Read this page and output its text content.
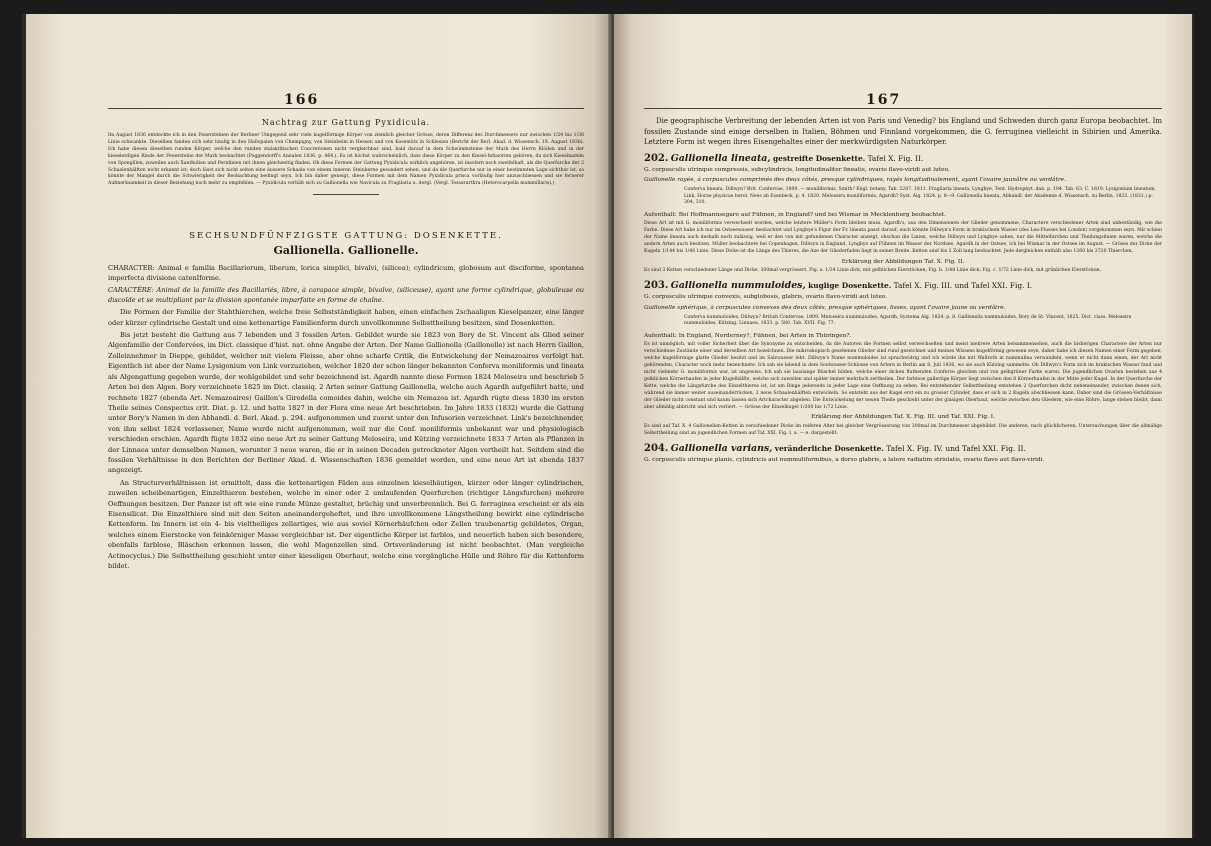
166

Nachtrag zur Gattung Pyxidicula.

Im August 1836 entdeckte ich in den Feuersteinen der Berliner Umgegend sehr viele kugelförmige Körper von ziemlich gleicher Grösse, deren Differenz des Durchmessers nur zwischen 1/24 bis 1/36 Linie schwankte. Dieselben fanden sich sehr häufig in den Hallopalen von Champigny, von Steinheim in Hessen und von Kosemütz in Schlesien (Bericht der Berl. Akad. d. Wissensch. 18. August 1836). Ich habe diesen dieselben runden Körper, welche den runden stalaktitischen Concretionen nicht vergleichbar sind, bald darauf in dem Schwimmsteine der Mark des Herrn Klöden und in der kieselerdigen Rinde der Feuersteine der Mark beobachtet (Poggendorff's Annalen 1836. p. 464.). Es ist höchst wahrscheinlich, dass diese Körper zu den Kiesel-Infusorien gehören, da sich Kieselnadeln von Spongillen, zuweilen auch Xanthidien und Peridinien mit ihnen gleichzeitig finden. Ob diese Formen der Gattung Pyxidicula wirklich angehören, ist insofern noch zweifelhaft, als die Querfurche der 2 Schaalenhälften nicht erkannt ist; doch lässt sich nicht selten eine äussere Schaale von einem inneren Steinkerne gesondert sehen, und da die Querfurche nur in einer bestimmten Lage sichtbar ist, so könnte der Mangel durch die Schwierigkeit der Beobachtung bedingt seyn. Ich bin daher geneigt, diese Formen mit dem Namen Pyxidicula prisca vorläufig hier anzuschliessen und sie fernerer Aufmerksamkeit in dieser Beziehung noch mehr zu empfehlen. — Pyxidicula verhält sich zu Gallionella wie Navicula zu Fragilaria u. dergl. (Vergl. Tessararthra (Heterocarpella mammillaris).)

SECHSUNDFÜNFZIGSTE GATTUNG: DOSENKETTE.

Gallionella. Gallionelle.

CHARACTER: Animal e familia Bacillariorum, liberum, lorica simplici, bivalvi, (silicea); cylindricum, globosum aut disciforme, spontanea imperfecta divisione catenIforme.

CARACTÈRE: Animal de la famille des Bacillariés, libre, à carapace simple, bivalve, (siliceuse), ayant une forme cylindrique, globuleuse ou discoïde et se multipliant par la division spontanée imparfaite en forme de chaîne.

Die Formen der Familie der Stabthierchen, welche freie Selbstständigkeit haben, einen einfachen 2schaaligen Kieselpanzer, eine länger oder kürzer cylindrische Gestalt und eine kettenartige Familienform durch unvollkommne Selbsttheilung besitzen, sind Dosenketten.

Bis jetzt besteht die Gattung aus 7 lebenden und 3 fossilen Arten. Gebildet wurde sie 1823 von Bory de St. Vincent als Glied seiner Algenfamilie der Confervées, im Dict. classique d'hist. nat. ohne Angabe der Arten. Der Name Gallionella (Gaillonelle) ist nach Herrn Gaillon, Zolleinnehmer in Dieppe, gebildet, welcher mit vielem Fleisse, aber ohne scharfe Critik, die Entwickelung der Nemazoaires verfolgt hat. Eigentlich ist aber der Name Lysigonium von Link vorzuziehen, welcher 1820 der schon länger bekannten Conferva moniliformis und lineata als Algengattung gegeben wurde, der wohlgebildet und sehr bezeichnend ist. Agardh nannte diese Formen 1824 Meloseira und beschrieb 5 Arten bei den Algen. Bory verzeichnete 1825 im Dict. classiq. 2 Arten seiner Gattung Gaillonella, welche auch Agardh aufgeführt hatte, und rechnete 1827 (ebenda Art. Nemazoaires) Gaillon's Girodella comoides dahin, welche ein Nemazoa ist. Agardh rügte diess 1830 im ersten Theile seines Conspectus crit. Diat. p. 12. und hatte 1827 in der Flora eine neue Art beschrieben. Im Jahre 1833 (1832) wurde die Gattung unter Bory's Namen in den Abhandl. d. Berl. Akad. p. 294. aufgenommen und zuerst unter den Infusorien verzeichnet. Link's bezeichnender, von ihm selbst 1824 verlassener, Name wurde nicht aufgenommen, weil nur die Conf. moniliformis unbekannt war und physiologisch verschieden erschien. Agardh fügte 1832 eine neue Art zu seiner Gattung Meloseira, und Kützing verzeichnete 1833 7 Arten als Pflanzen in der Linnaea unter demselben Namen, worunter 3 neue waren, die er in seinen Decaden getrockneter Algen vertheilt hat. Seitdem sind die fossilen Verhältnisse in den Berichten der Berliner Akad. d. Wissenschaften 1836 gemeldet worden, und eine neue Art ist ebenda 1837 angezeigt.

An Structurverhältnissen ist ermittelt, dass die kettenartigen Fäden aus einzelnen kieselhäutigen, kürzer oder länger cylindrischen, zuweilen scheibenartigen, Einzelthieren bestehen, welche in einer oder 2 umlaufenden Querfurchen (richtiger Längsfurchen) mehrere Oeffnungen besitzen. Der Panzer ist oft wie eine runde Münze gestaltet, brüchig und unverbrennlich. Bei G. ferruginea erscheint er als ein Eisensilicat. Die Einzelthiere sind mit den Seiten aneinandergeheftet, und ihre unvollkommene Längstheilung bewirkt eine cylindrische Kettenform. Im Innern ist ein 4- bis vieltheiliges zellartiges, wie aus soviel Körnerhäufchen oder Zellen traubenartig gebildetes, Organ, welches einem Eierstocke von feinkörniger Masse vergleichbar ist. Der eigentliche Körper ist farblos, und neuerlich haben sich besondere, ebenfalls farblose, Bläschen erkennen lassen, die wohl Magenzellen sind. Ortsveränderung ist nicht beobachtet. (Man vergleiche Actinocyclus.) Die Selbsttheilung geschieht unter einer kieseligen Oberhaut, welche eine vergängliche Hülle und Röhre für die Kettenform bildet.

167

Die geographische Verbreitung der lebenden Arten ist von Paris und Venedig? bis England und Schweden durch ganz Europa beobachtet. Im fossilen Zustande sind einige derselben in Italien, Böhmen und Finnland vorgekommen, die G. ferruginea vielleicht in Sibirien und Amerika. Letztere Form ist wegen ihres Eisengehaltes einer der merkwürdigsten Naturkörper.

202. Gallionella lineata, gestreifte Dosenkette. Tafel X. Fig. II.

G. corpusculis utrinque compressis, subcylindricis, longitudinaliter lineatis, ovario flavo-viridi aut luteo.

Gaillonelle rayée, à corpuscules comprimés des deux côtés, presque cylindriques, rayés longitudinalement, ayant l'ovaire jaunâtre ou verdâtre.

Conferva lineata, Dillwyn? Brit. Confervae, 1809. — moniliformis, Smith? Engl. botany. Tab. 2287. 1811. Fragilaria lineata, Lyngbye, Tent. Hydrophyt. dan. p. 184. Tab. 63. C. 1819. Lysigonium lineatum, Link, Horae physicae berol. Nees ab Esenbeck, p. 4. 1820. Meloseira moniliformis, Agardh? Syst. Alg. 1824. p. 8—9. Gallionella lineata, Abhandl. der Akademie d. Wissensch. zu Berlin, 1833. (1831.) p. 304, 310.

Aufenthalt: Bei Hoffmannsegaro auf Fühnen, in England? und bei Wismar in Mecklenburg beobachtet.

Diese Art ist mit G. moniliformis verwechselt worden, welche letztere Müller's Form bleiben muss. Agardh's, aus den Dimensionen der Glieder genommene, Charactere verschiedener Arten sind unbeständig, wie die Farbe. Diese Art habe ich nur im Ostseewasser beobachtet und Lyngbye's Figur der Fr. lineata passt darauf; auch könnte Dillwyn's Form in brakischem Wasser (des Lea-Flusses bei London) vorgekommen seyn. Mir schien der Name lineata auch deshalb noch zulässig, weil er den von mir gefundenen Character anzeigt, obschon die Linien, welche Dillwyn und Lyngbye sahen, nur die Mittelfurchen und Theilungslinien waren, welche die andern Arten auch besitzen. Müller beobachtete bei Copenhagen, Dillwyn in England, Lyngbye auf Fühnen im Wasser der Nordsee, Agardh in der Ostsee, ich bei Wismar in der Ostsee im August. — Grösse der Dicke der Kugeln 1/144 bis 1/48 Linie. Diese Dicke ist die Länge des Thieres, die Axe der Gliederfaden liegt in seiner Breite. Ketten sind bis 3 Zoll lang beobachtet. Jede dergleichen enthält also 1260 bis 3720 Thierchen.

Erklärung der Abbildungen Taf. X. Fig. II.

Es sind 3 Ketten verschiedener Länge und Dicke, 300mal vergrössert. Fig. a. 1/24 Linie dick, mit gelblichen Eierstöcken; Fig. b. 1/48 Linie dick; Fig. c. 1/72 Linie dick, mit grünlichen Eierstöcken.

203. Gallionella nummuloides, kuglige Dosenkette. Tafel X. Fig. III. und Tafel XXI. Fig. I.

G. corpusculis utrinque convexis, subglobosis, glabris, ovario flavo-viridi aut luteo.

Gaillonelle sphérique, à corpuscules convexes des deux côtés, presque sphériques, lisses, ayant l'ovaire jaune ou verdâtre.

Conferva nummuloides, Dillwyn? British Confervae, 1809. Meloseira nummuloides, Agardh, Systema Alg. 1824. p. 8. Gaillonella nummuloides, Bory de St. Vincent, 1825. Dict. class. Meloseira nummuloides, Kützing, Linnaea, 1833. p. 580. Tab. XVII. Fig. 77.

Aufenthalt: In England, Norderney?, Fühnen, bei Arten in Thüringen?.

Es ist unmöglich, mit voller Sicherheit über die Synonyme zu entscheiden, da die Autoren die Formen selbst verwechselten und meist mehrere Arten beisammensehen, auch die bisherigen Charactere der Arten nur verschiedene Zustände einer und derselben Art bezeichnen. Die mikroskopisch gesehenen Glieder sind rund gezeichnet und meines Wissens kugelförmig gewesen seyn, daher habe ich diesen Namen einer Form gegeben, welche kugelförmige glatte Glieder besitzt und im Salzwasser lebt. Dillwyn's Name nummuloides ist sprachwidrig und ich würde ihn mit Wallroth in nummulina verwandeln, wenn er nicht dann einen, der Art nicht gehörenden, Character noch mehr bezeichnete. Ich sah sie lebend in dem Soolwasser-Schlosse von Artern in Berlin am 8. Juli 1836, wo sie auch Kützing sammelte. Ob Dillwyn's Form sich im brakischen Wasser fand und nicht vielmehr G. moniliformis war, ist ungewiss. Ich sah sie lauslange Büschel bilden, welche einer dicken fluthenden Conferve gleichen und von gelbgrüner Farbe waren. Die jugendlichen Ovarien bestehen aus 4 gelblichen Körnerhaufen in jeder Kugelhälfte, welche sich zuweilen und später immer mehrfach zertheilen. Der farblose gallertige Körper liegt zwischen den 8 Körnerhaufen in der Mitte jeder Kugel. In der Querfurche der Kette, welche die Längsfurche des Einzelthieres ist, ist um Ringe jederseits in jeder Lage eine Oeffnung zu sehen. Bei entstehender Selbsttheilung entstehen 2 Querfurchen dicht nebeneinander, zwischen denen sich, während sie immer weiter auseinanderrücken, 2 neue Schaalenhälften entwickeln. So entsteht aus der Kugel erst ein zu grosser Cylinder, dass er sich in 2 Kugeln abschliessen kann. Daher sind die Grössen-Verhältnisse der Glieder nicht constant und kaum lassen sich Artcharacter abgeben. Die Entwickelung der neuen Theile geschieht unter der glasigen Oberhaut, welche zwischen den Gliedern, wie eine Röhre, lange stehen bleibt, dann aber allmälig abbricht und sich verliert. — Grösse der Einzelkugel 1/200 bis 1/72 Linie.

Erklärung der Abbildungen Taf. X. Fig. III. und Taf. XXI. Fig. I.

Es sind auf Taf. X. 4 Gallionellen-Ketten in verschiedener Dicke im reiferen Alter bei gleicher Vergrösserung von 300mal im Durchmesser abgebildet. Die anderen, nach glücklicheren, Untersuchungen über die allmälige Selbsttheilung sind an jugendlichen Formen auf Taf. XXI. Fig. I. a. — e. dargestellt.

204. Gallionella varians, veränderliche Dosenkette. Tafel X. Fig. IV. und Tafel XXI. Fig. II.

G. corpusculis utrinque planis, cylindricis aut nummuliformibus, a dorso glabris, a latere radiatim striolatis, ovario flavo aut flavo-viridi.
